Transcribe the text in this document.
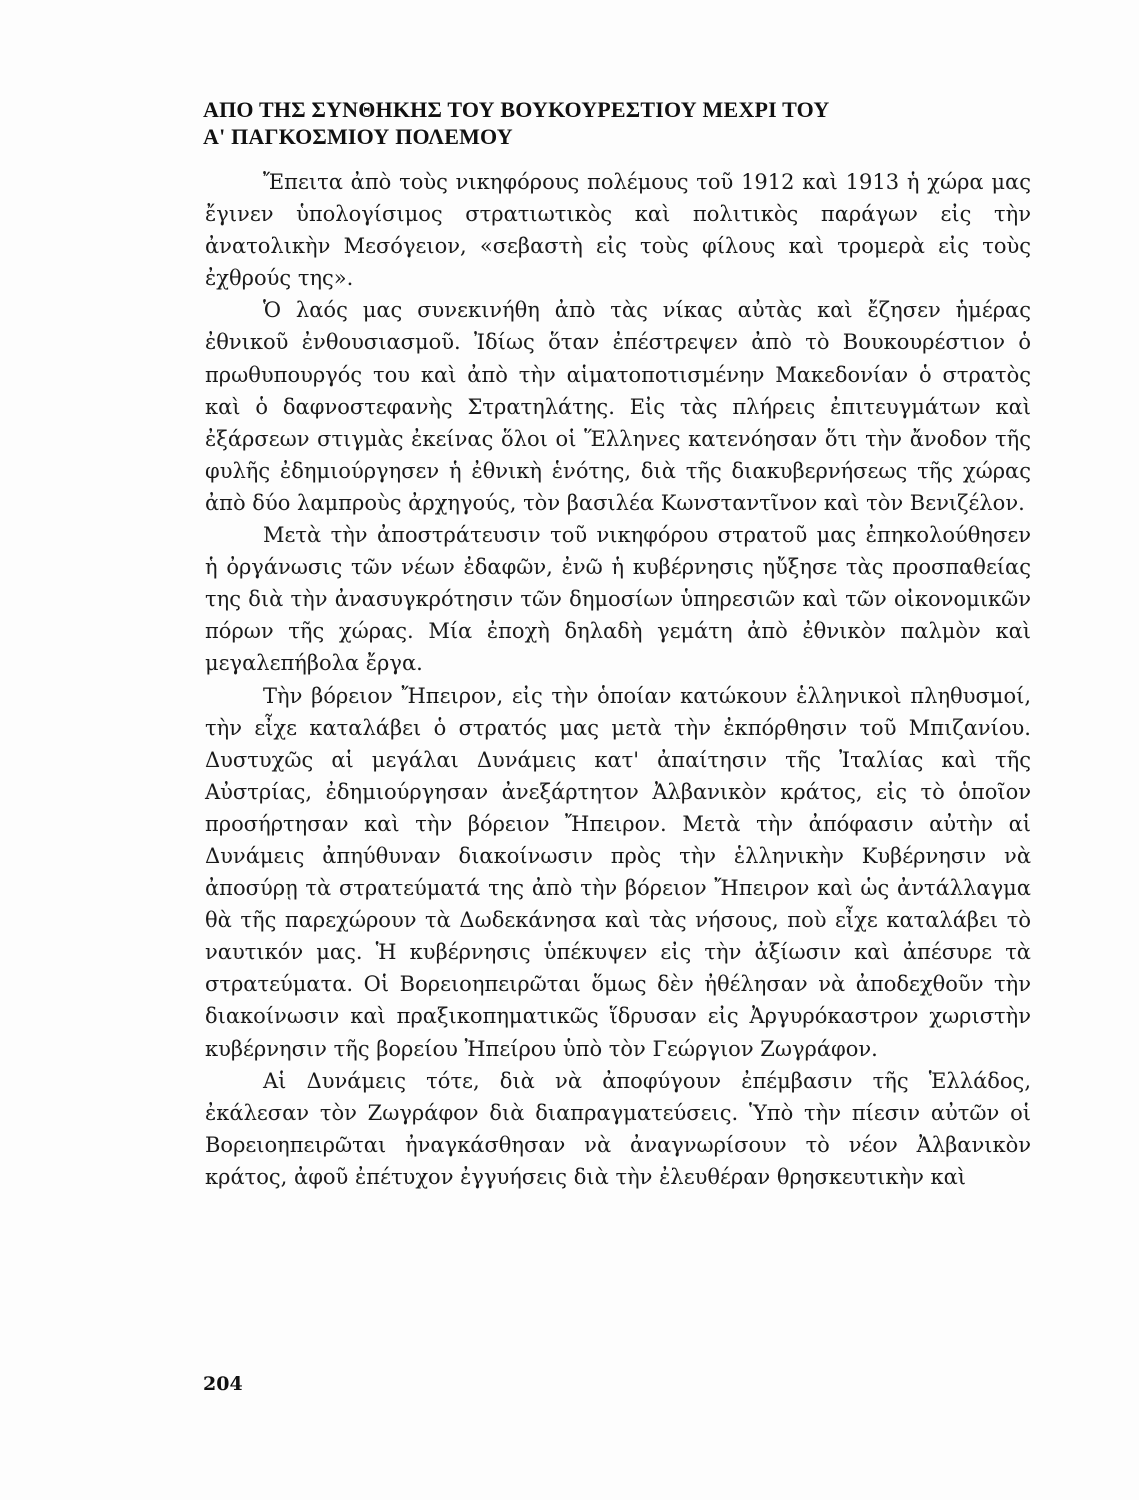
ΑΠΟ ΤΗΣ ΣΥΝΘΗΚΗΣ ΤΟΥ ΒΟΥΚΟΥΡΕΣΤΙΟΥ ΜΕΧΡΙ ΤΟΥ
Α' ΠΑΓΚΟΣΜΙΟΥ ΠΟΛΕΜΟΥ

Ἔπειτα ἀπὸ τοὺς νικηφόρους πολέμους τοῦ 1912 καὶ 1913 ἡ χώρα μας ἔγινεν ὑπολογίσιμος στρατιωτικὸς καὶ πολιτικὸς παράγων εἰς τὴν ἀνατολικὴν Μεσόγειον, «σεβαστὴ εἰς τοὺς φίλους καὶ τρομερὰ εἰς τοὺς ἐχθρούς της».

Ὁ λαός μας συνεκινήθη ἀπὸ τὰς νίκας αὐτὰς καὶ ἔζησεν ἡμέρας ἐθνικοῦ ἐνθουσιασμοῦ. Ἰδίως ὅταν ἐπέστρεψεν ἀπὸ τὸ Βουκουρέστιον ὁ πρωθυπουργός του καὶ ἀπὸ τὴν αἱματοποτισμένην Μακεδονίαν ὁ στρατὸς καὶ ὁ δαφνοστεφανὴς Στρατηλάτης. Εἰς τὰς πλήρεις ἐπιτευγμάτων καὶ ἐξάρσεων στιγμὰς ἐκείνας ὅλοι οἱ Ἕλληνες κατενόησαν ὅτι τὴν ἄνοδον τῆς φυλῆς ἐδημιούργησεν ἡ ἐθνικὴ ἑνότης, διὰ τῆς διακυβερνήσεως τῆς χώρας ἀπὸ δύο λαμπροὺς ἀρχηγούς, τὸν βασιλέα Κωνσταντῖνον καὶ τὸν Βενιζέλον.

Μετὰ τὴν ἀποστράτευσιν τοῦ νικηφόρου στρατοῦ μας ἐπηκολούθησεν ἡ ὀργάνωσις τῶν νέων ἐδαφῶν, ἐνῶ ἡ κυβέρνησις ηὔξησε τὰς προσπαθείας της διὰ τὴν ἀνασυγκρότησιν τῶν δημοσίων ὑπηρεσιῶν καὶ τῶν οἰκονομικῶν πόρων τῆς χώρας. Μία ἐποχὴ δηλαδὴ γεμάτη ἀπὸ ἐθνικὸν παλμὸν καὶ μεγαλεπήβολα ἔργα.

Τὴν βόρειον Ἤπειρον, εἰς τὴν ὁποίαν κατώκουν ἑλληνικοὶ πληθυσμοί, τὴν εἶχε καταλάβει ὁ στρατός μας μετὰ τὴν ἐκπόρθησιν τοῦ Μπιζανίου. Δυστυχῶς αἱ μεγάλαι Δυνάμεις κατ' ἀπαίτησιν τῆς Ἰταλίας καὶ τῆς Αὐστρίας, ἐδημιούργησαν ἀνεξάρτητον Ἀλβανικὸν κράτος, εἰς τὸ ὁποῖον προσήρτησαν καὶ τὴν βόρειον Ἤπειρον. Μετὰ τὴν ἀπόφασιν αὐτὴν αἱ Δυνάμεις ἀπηύθυναν διακοίνωσιν πρὸς τὴν ἑλληνικὴν Κυβέρνησιν νὰ ἀποσύρῃ τὰ στρατεύματά της ἀπὸ τὴν βόρειον Ἤπειρον καὶ ὡς ἀντάλλαγμα θὰ τῆς παρεχώρουν τὰ Δωδεκάνησα καὶ τὰς νήσους, ποὺ εἶχε καταλάβει τὸ ναυτικόν μας. Ἡ κυβέρνησις ὑπέκυψεν εἰς τὴν ἀξίωσιν καὶ ἀπέσυρε τὰ στρατεύματα. Οἱ Βορειοηπειρῶται ὅμως δὲν ἠθέλησαν νὰ ἀποδεχθοῦν τὴν διακοίνωσιν καὶ πραξικοπηματικῶς ἵδρυσαν εἰς Ἀργυρόκαστρον χωριστὴν κυβέρνησιν τῆς βορείου Ἠπείρου ὑπὸ τὸν Γεώργιον Ζωγράφον.

Αἱ Δυνάμεις τότε, διὰ νὰ ἀποφύγουν ἐπέμβασιν τῆς Ἑλλάδος, ἐκάλεσαν τὸν Ζωγράφον διὰ διαπραγματεύσεις. Ὑπὸ τὴν πίεσιν αὐτῶν οἱ Βορειοηπειρῶται ἠναγκάσθησαν νὰ ἀναγνωρίσουν τὸ νέον Ἀλβανικὸν κράτος, ἀφοῦ ἐπέτυχον ἐγγυήσεις διὰ τὴν ἐλευθέραν θρησκευτικὴν καὶ

204
